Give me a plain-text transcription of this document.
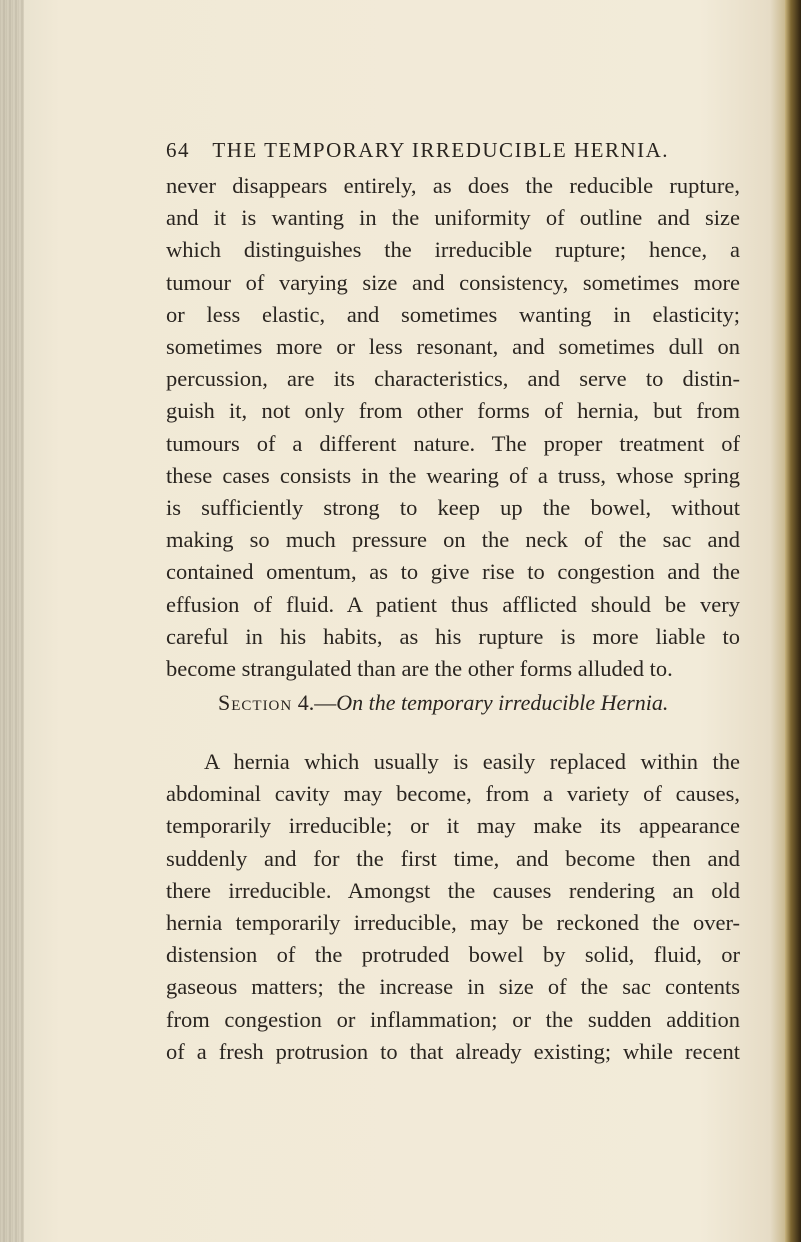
64 THE TEMPORARY IRREDUCIBLE HERNIA.
never disappears entirely, as does the reducible rupture,
and it is wanting in the uniformity of outline and size
which distinguishes the irreducible rupture; hence, a
tumour of varying size and consistency, sometimes more
or less elastic, and sometimes wanting in elasticity;
sometimes more or less resonant, and sometimes dull on
percussion, are its characteristics, and serve to distin-
guish it, not only from other forms of hernia, but from
tumours of a different nature. The proper treatment of
these cases consists in the wearing of a truss, whose spring
is sufficiently strong to keep up the bowel, without
making so much pressure on the neck of the sac and
contained omentum, as to give rise to congestion and the
effusion of fluid. A patient thus afflicted should be very
careful in his habits, as his rupture is more liable to
become strangulated than are the other forms alluded to.
Section 4.—On the temporary irreducible Hernia.
A hernia which usually is easily replaced within the
abdominal cavity may become, from a variety of causes,
temporarily irreducible; or it may make its appearance
suddenly and for the first time, and become then and
there irreducible. Amongst the causes rendering an old
hernia temporarily irreducible, may be reckoned the over-
distension of the protruded bowel by solid, fluid, or
gaseous matters; the increase in size of the sac contents
from congestion or inflammation; or the sudden addition
of a fresh protrusion to that already existing; while recent
